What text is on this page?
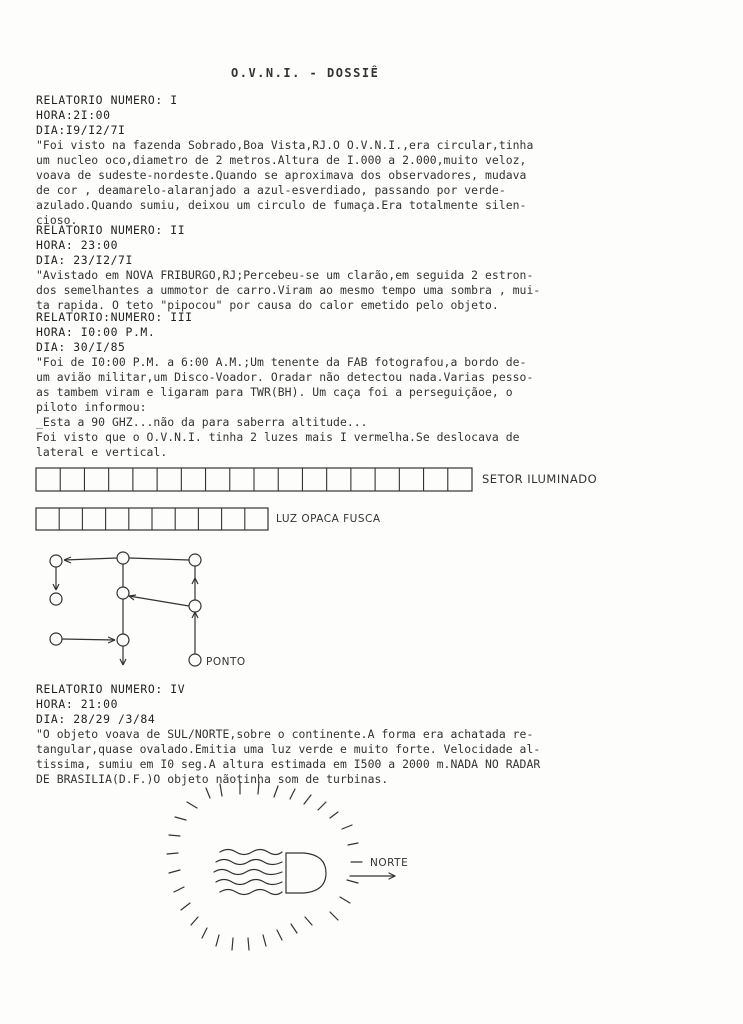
O.V.N.I. - DOSSIÊ
RELATORIO NUMERO: I
HORA:2I:00
DIA:I9/I2/7I
"Foi visto na fazenda Sobrado,Boa Vista,RJ.O O.V.N.I.,era circular,tinha
um nucleo oco,diametro de 2 metros.Altura de I.000 a 2.000,muito veloz,
voava de sudeste-nordeste.Quando se aproximava dos observadores, mudava
de cor , deamarelo-alaranjado a azul-esverdiado, passando por verde-
azulado.Quando sumiu, deixou um circulo de fumaça.Era totalmente silen-
cioso.
RELATORIO NUMERO: II
HORA: 23:00
DIA: 23/I2/7I
"Avistado em NOVA FRIBURGO,RJ;Percebeu-se um clarão,em seguida 2 estron-
dos semelhantes a ummotor de carro.Viram ao mesmo tempo uma sombra , mui-
ta rapida. O teto "pipocou" por causa do calor emetido pelo objeto.
RELATORIO:NUMERO: III
HORA: I0:00 P.M.
DIA: 30/I/85
"Foi de I0:00 P.M. a 6:00 A.M.;Um tenente da FAB fotografou,a bordo de-
um avião militar,um Disco-Voador. Oradar não detectou nada.Varias pesso-
as tambem viram e ligaram para TWR(BH). Um caça foi a perseguiçãoe, o
piloto informou:
_Esta a 90 GHZ...não da para saberra altitude...
Foi visto que o O.V.N.I. tinha 2 luzes mais I vermelha.Se deslocava de
lateral e vertical.
SETOR ILUMINADO
LUZ OPACA FUSCA
PONTO
NORTE
RELATORIO NUMERO: IV
HORA: 21:00
DIA: 28/29 /3/84
"O objeto voava de SUL/NORTE,sobre o continente.A forma era achatada re-
tangular,quase ovalado.Emitia uma luz verde e muito forte. Velocidade al-
tissima, sumiu em I0 seg.A altura estimada em I500 a 2000 m.NADA NO RADAR
DE BRASILIA(D.F.)O objeto nãotinha som de turbinas.
